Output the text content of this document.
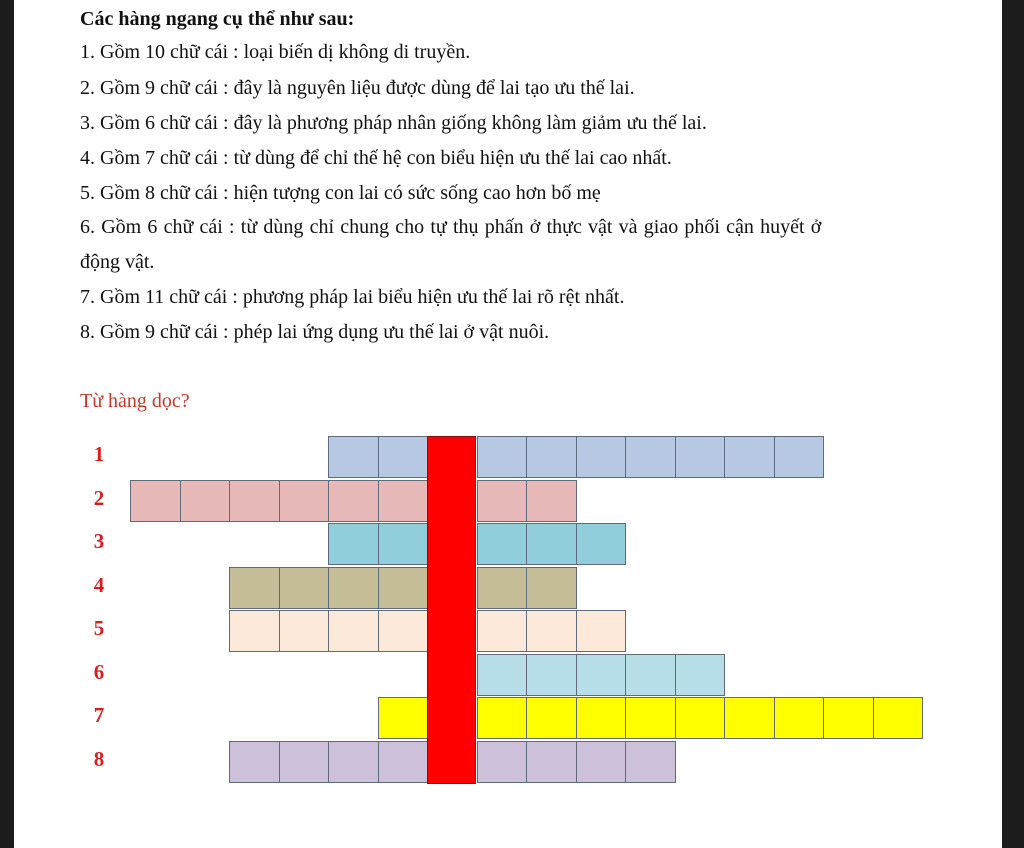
Các hàng ngang cụ thể như sau:
1. Gồm 10 chữ cái : loại biến dị không di truyền.
2. Gồm 9 chữ cái : đây là nguyên liệu được dùng để lai tạo ưu thế lai.
3. Gồm 6 chữ cái : đây là phương pháp nhân giống không làm giảm ưu thế lai.
4. Gồm 7 chữ cái : từ dùng để chỉ thế hệ con biểu hiện ưu thế lai cao nhất.
5. Gồm 8 chữ cái : hiện tượng con lai có sức sống cao hơn bố mẹ
6. Gồm 6 chữ cái : từ dùng chỉ chung cho tự thụ phấn ở thực vật và giao phối cận huyết ở
động vật.
7. Gồm 11 chữ cái : phương pháp lai biểu hiện ưu thế lai rõ rệt nhất.
8. Gồm 9 chữ cái : phép lai ứng dụng ưu thế lai ở vật nuôi.
Từ hàng dọc?
1
2
3
4
5
6
7
8
